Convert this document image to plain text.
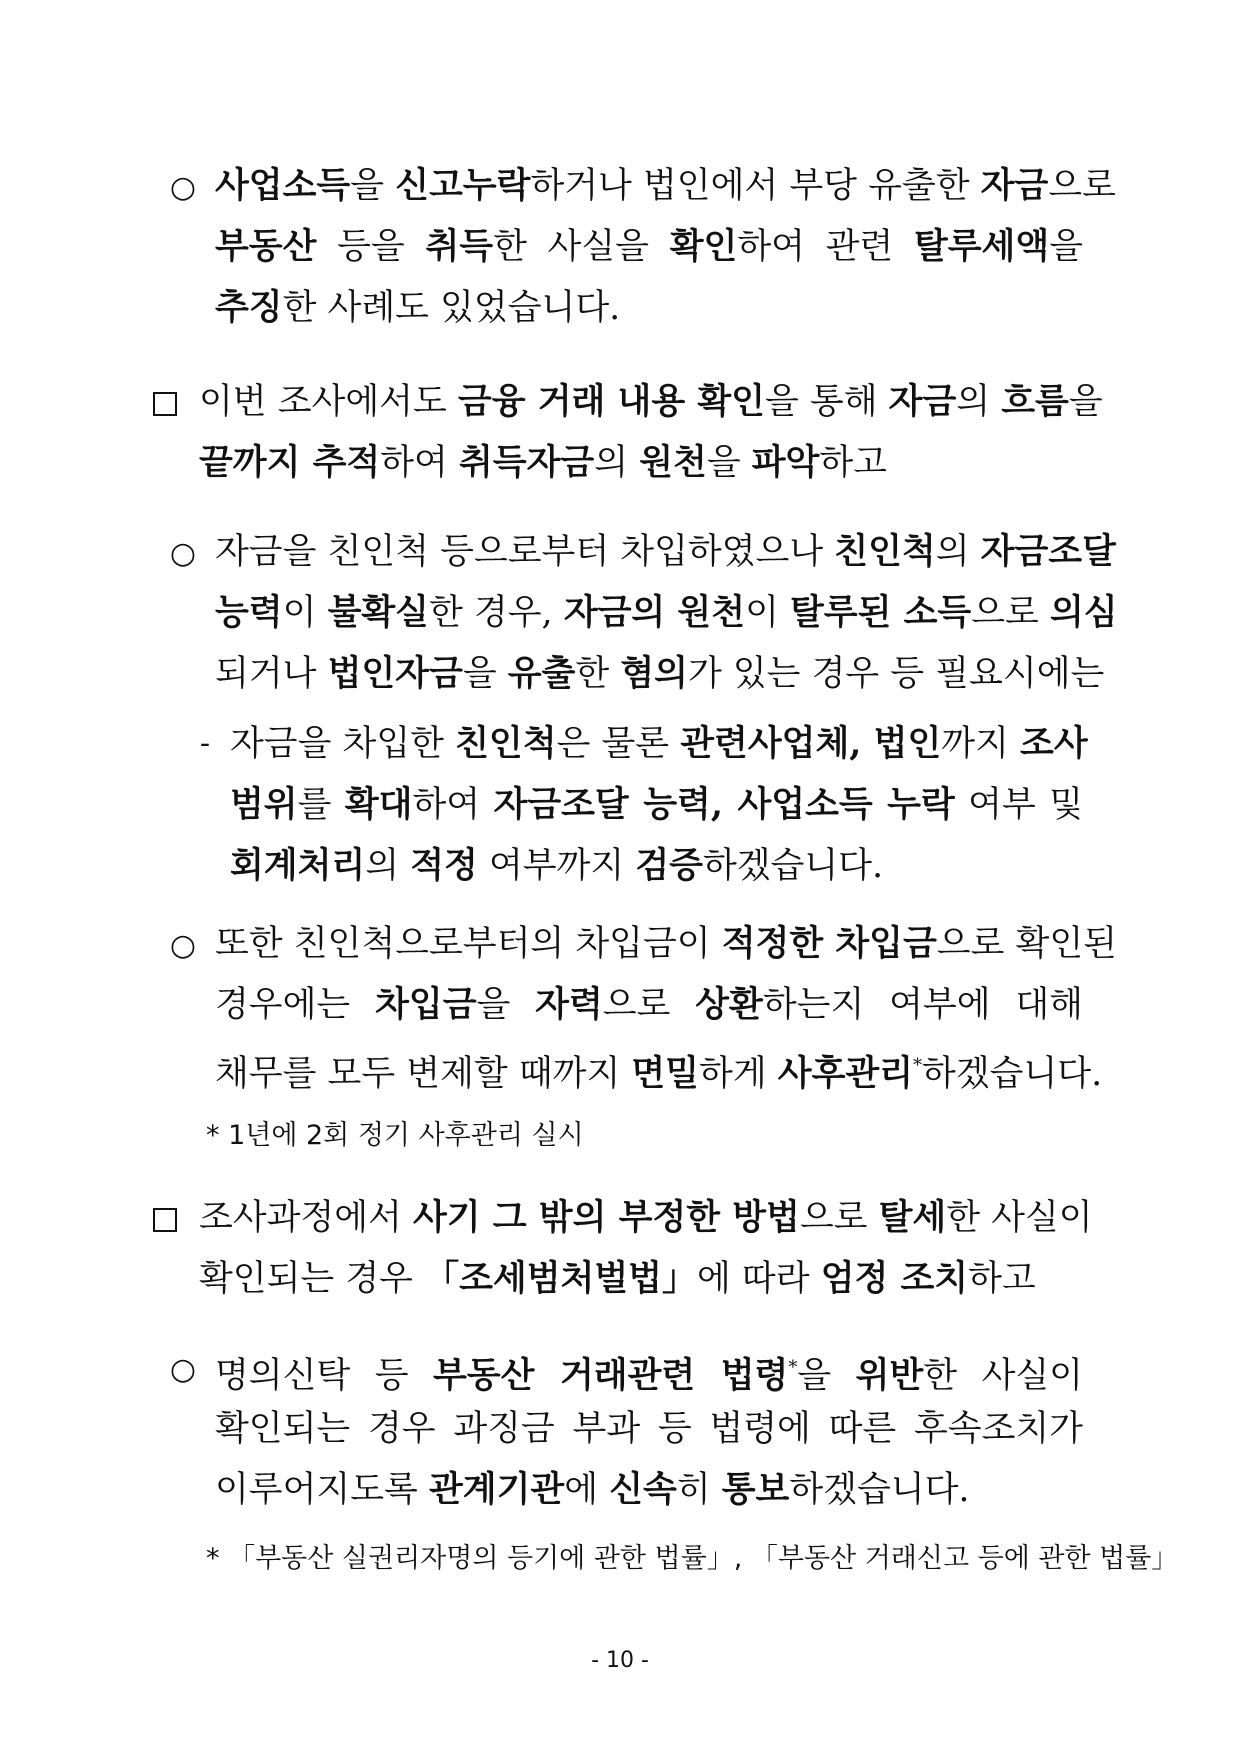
○ 사업소득을 신고누락하거나 법인에서 부당 유출한 자금으로
부동산 등을 취득한 사실을 확인하여 관련 탈루세액을
추징한 사례도 있었습니다.
이번 조사에서도 금융 거래 내용 확인을 통해 자금의 흐름을
끝까지 추적하여 취득자금의 원천을 파악하고
○ 자금을 친인척 등으로부터 차입하였으나 친인척의 자금조달
능력이 불확실한 경우, 자금의 원천이 탈루된 소득으로 의심
되거나 법인자금을 유출한 혐의가 있는 경우 등 필요시에는
- 자금을 차입한 친인척은 물론 관련사업체, 법인까지 조사
범위를 확대하여 자금조달 능력, 사업소득 누락 여부 및
회계처리의 적정 여부까지 검증하겠습니다.
○ 또한 친인척으로부터의 차입금이 적정한 차입금으로 확인된
경우에는 차입금을 자력으로 상환하는지 여부에 대해
채무를 모두 변제할 때까지 면밀하게 사후관리*하겠습니다.
* 1년에 2회 정기 사후관리 실시
조사과정에서 사기 그 밖의 부정한 방법으로 탈세한 사실이
확인되는 경우 「조세범처벌법」에 따라 엄정 조치하고
○ 명의신탁 등 부동산 거래관련 법령*을 위반한 사실이
확인되는 경우 과징금 부과 등 법령에 따른 후속조치가
이루어지도록 관계기관에 신속히 통보하겠습니다.
* 「부동산 실권리자명의 등기에 관한 법률」, 「부동산 거래신고 등에 관한 법률」
- 10 -
